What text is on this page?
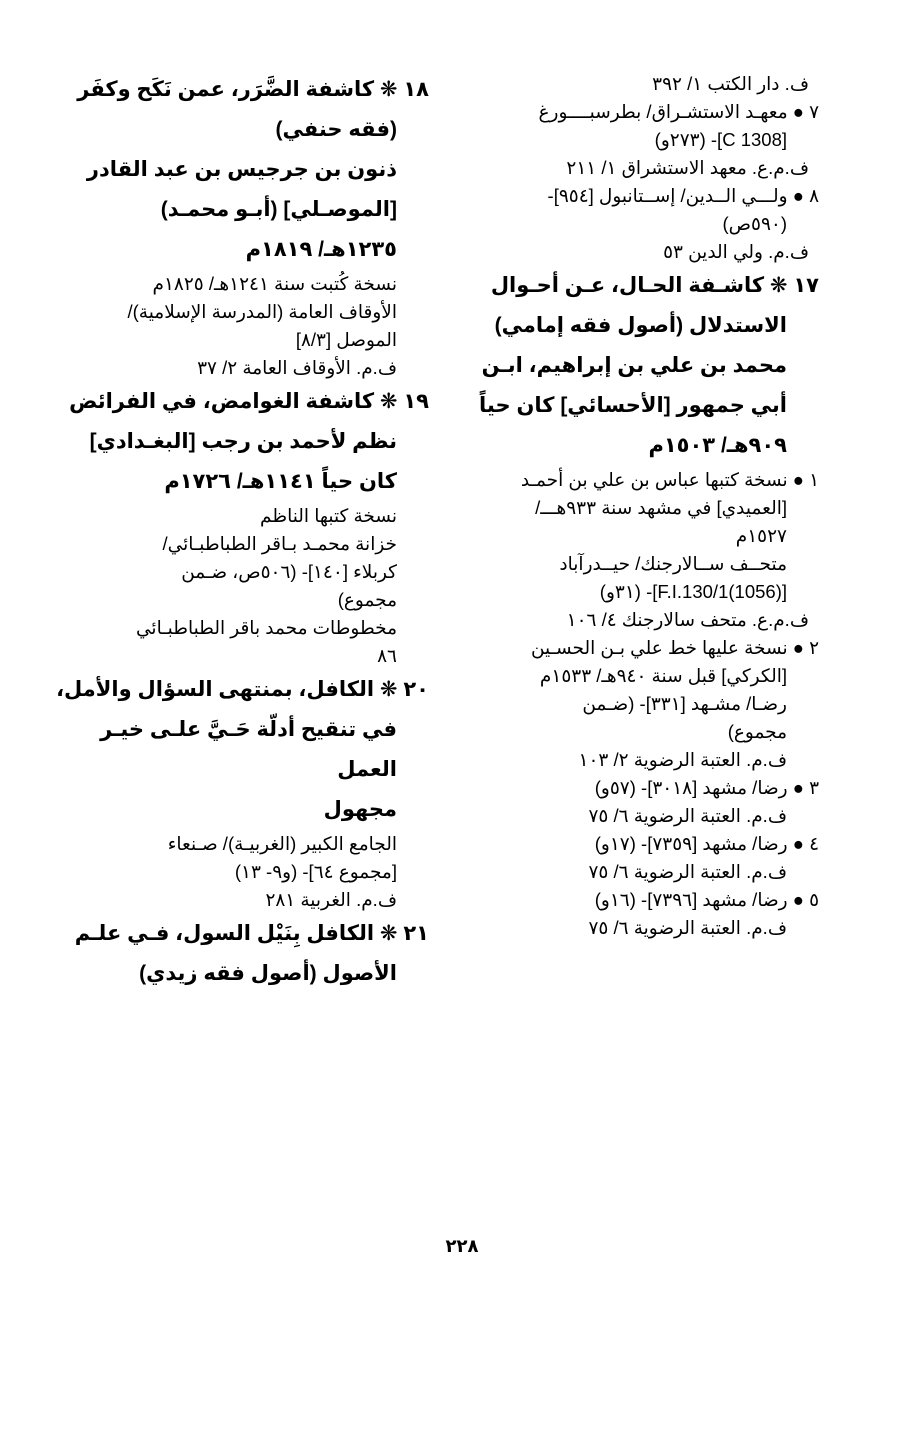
ف. دار الكتب ١/ ٣٩٢
٧ ● معهـد الاستشـراق/ بطرسبــــورغ
[C 1308]- (٢٧٣و)
ف.م.ع. معهد الاستشراق ١/ ٢١١
٨ ● ولـــي الــدين/ إســتانبول [٩٥٤]-
(٥٩٠ص)
ف.م. ولي الدين ٥٣
١٧ ❋ كاشـفة الحـال، عـن أحـوال
الاستدلال (أصول فقه إمامي)
محمد بن علي بن إبراهيم، ابـن
أبي جمهور [الأحسائي] كان حياً
٩٠٩هـ/ ١٥٠٣م
١ ● نسخة كتبها عباس بن علي بن أحمـد
[العميدي] في مشهد سنة ٩٣٣هـــ/
١٥٢٧م
متحــف ســالارجنك/ حيــدرآباد
[(1056)F.I.130/1]- (٣١و)
ف.م.ع. متحف سالارجنك ٤/ ١٠٦
٢ ● نسخة عليها خط علي بـن الحسـين
[الكركي] قبل سنة ٩٤٠هـ/ ١٥٣٣م
رضـا/ مشـهد [٣٣١]- (ضـمن
مجموع)
ف.م. العتبة الرضوية ٢/ ١٠٣
٣ ● رضا/ مشهد [٣٠١٨]- (٥٧و)
ف.م. العتبة الرضوية ٦/ ٧٥
٤ ● رضا/ مشهد [٧٣٥٩]- (١٧و)
ف.م. العتبة الرضوية ٦/ ٧٥
٥ ● رضا/ مشهد [٧٣٩٦]- (١٦و)
ف.م. العتبة الرضوية ٦/ ٧٥
١٨ ❋ كاشفة الضَّرَر، عمن نَكَح وكفَر
(فقه حنفي)
ذنون بن جرجيس بن عبد القادر
[الموصـلي] (أبـو محمـد)
١٢٣٥هـ/ ١٨١٩م
نسخة كُتبت سنة ١٢٤١هـ/ ١٨٢٥م
الأوقاف العامة (المدرسة الإسلامية)/
الموصل [٨/٣]
ف.م. الأوقاف العامة ٢/ ٣٧
١٩ ❋ كاشفة الغوامض، في الفرائض
نظم لأحمد بن رجب [البغـدادي]
كان حياً ١١٤١هـ/ ١٧٢٦م
نسخة كتبها الناظم
خزانة محمـد بـاقر الطباطبـائي/
كربلاء [١٤٠]- (٥٠٦ص، ضـمن
مجموع)
مخطوطات محمد باقر الطباطبـائي
٨٦
٢٠ ❋ الكافل، بمنتهى السؤال والأمل،
في تنقيح أدلّة حَـيَّ علـى خيـر
العمل
مجهول
الجامع الكبير (الغربيـة)/ صـنعاء
[مجموع ٦٤]- (و٩- ١٣)
ف.م. الغربية ٢٨١
٢١ ❋ الكافل بِنَيْل السول، فـي علـم
الأصول (أصول فقه زيدي)
٢٢٨
